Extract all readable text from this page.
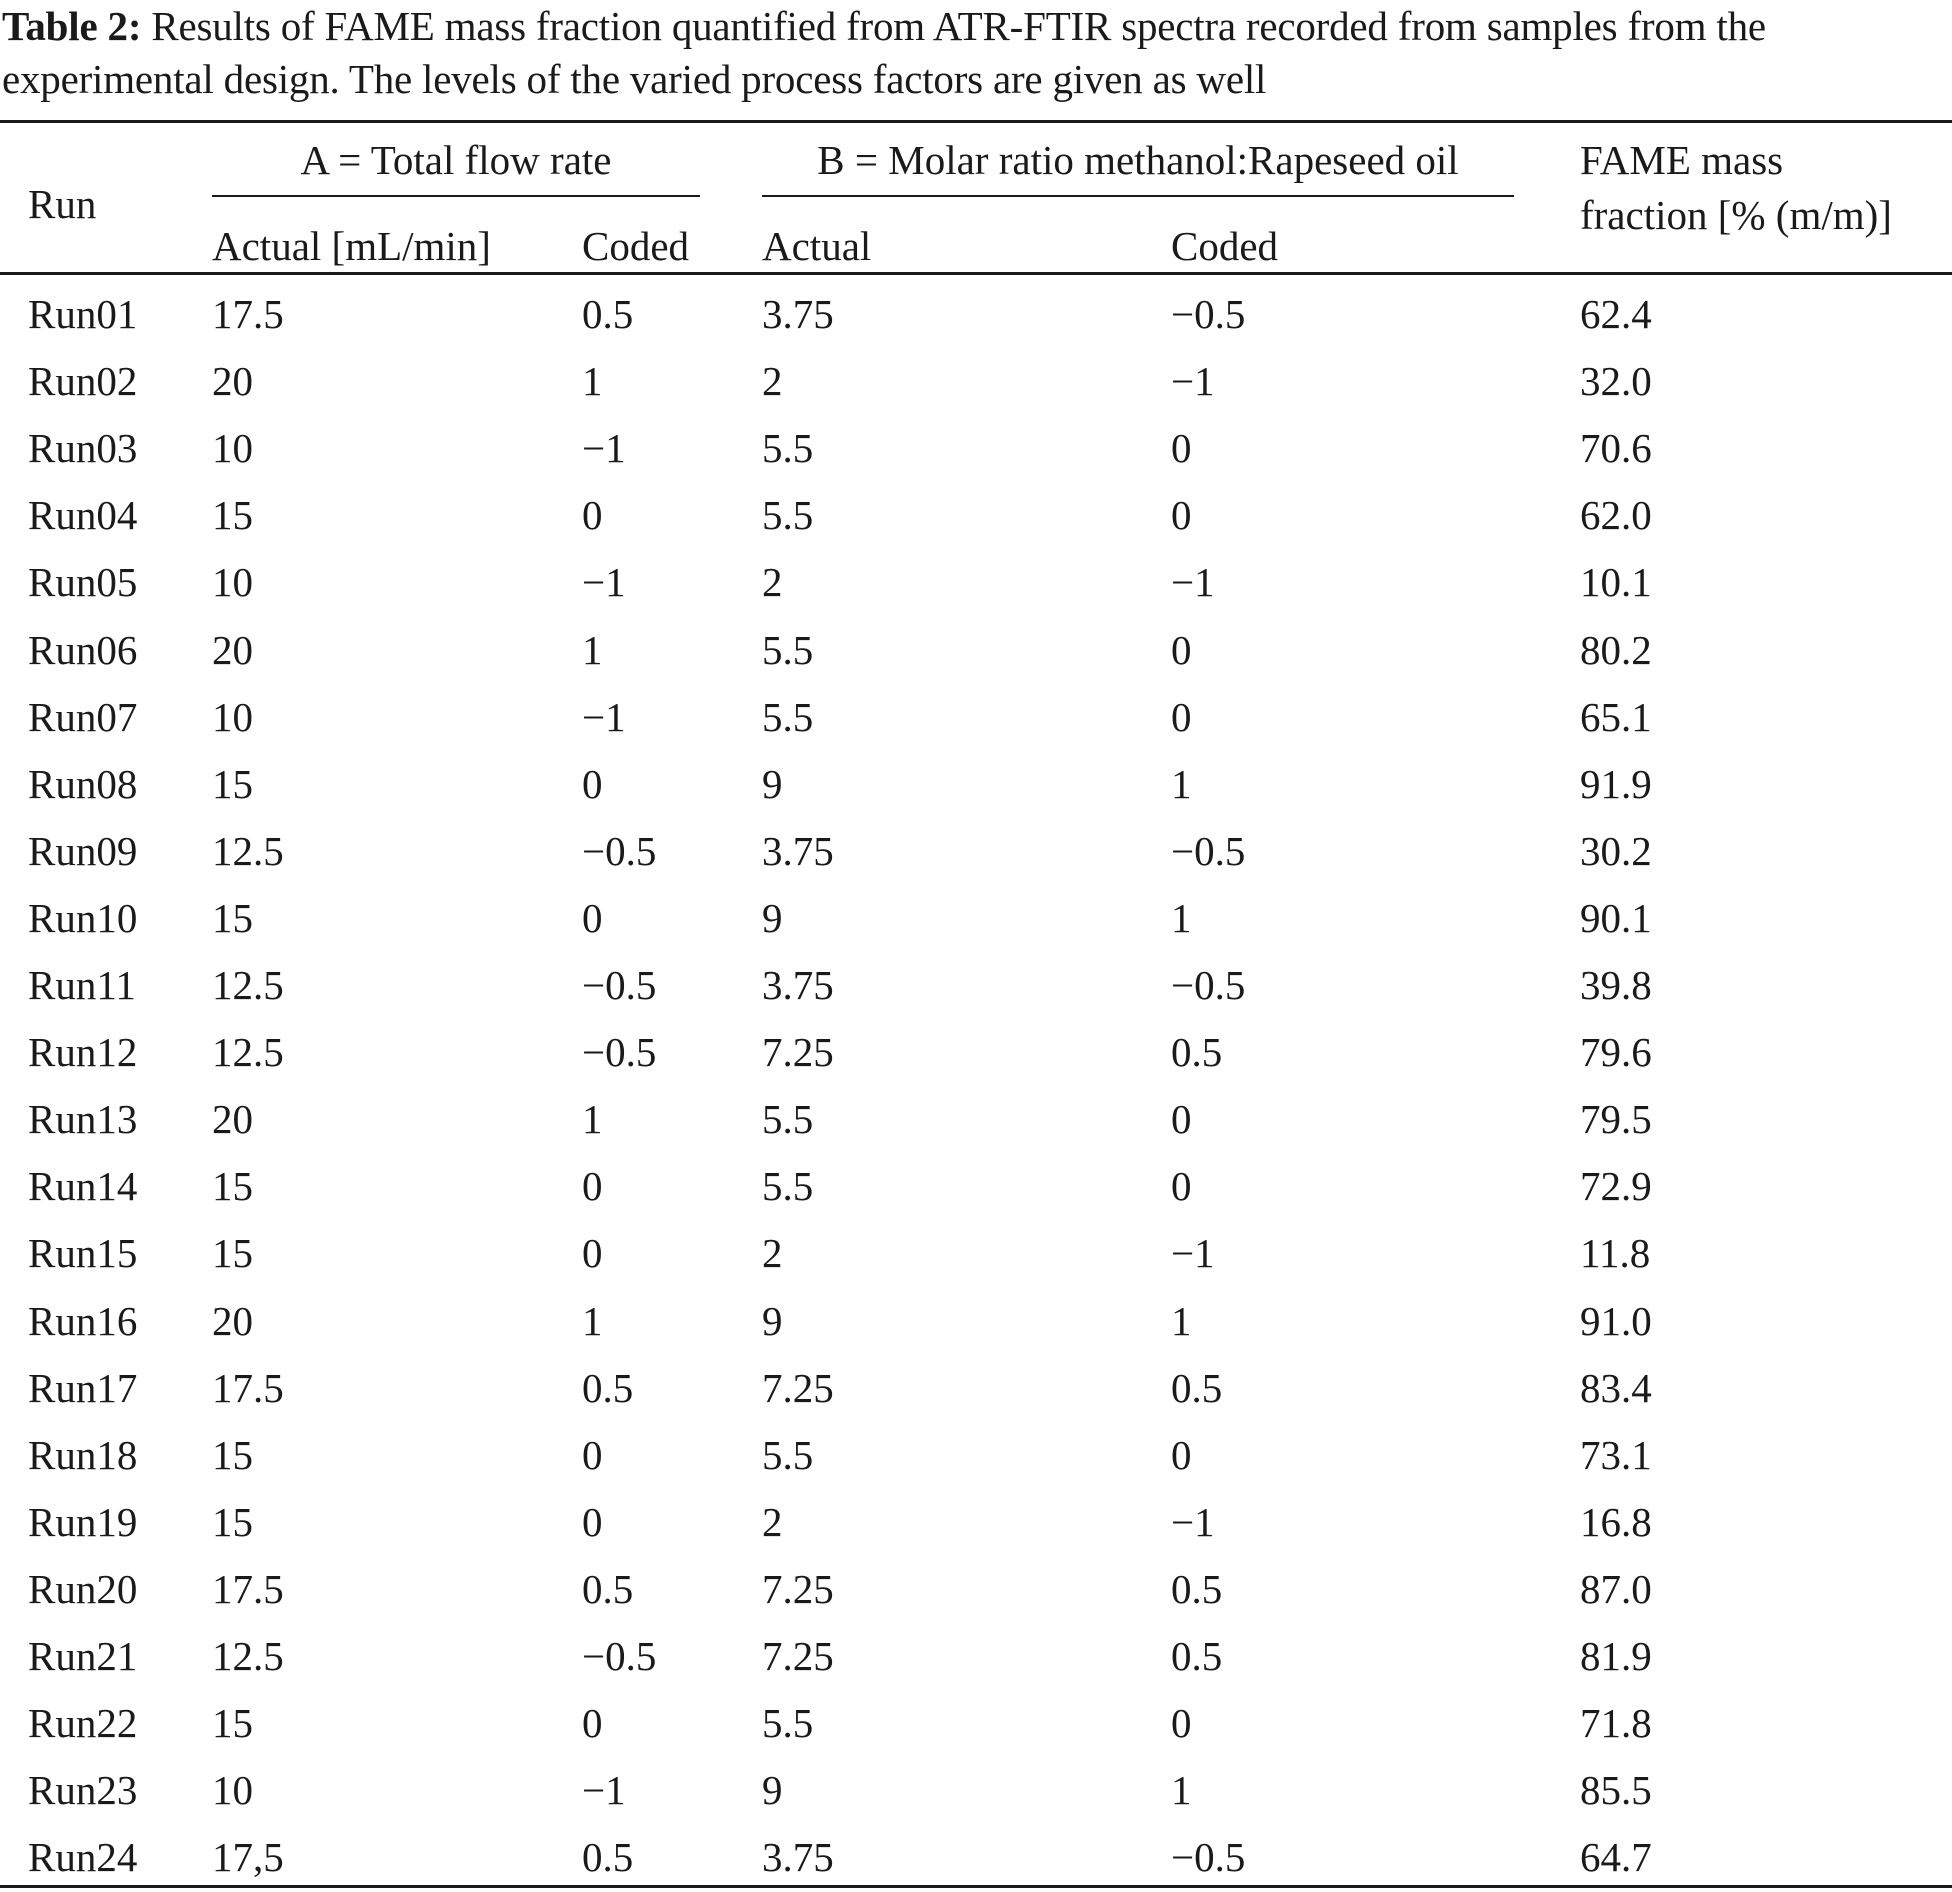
Table 2: Results of FAME mass fraction quantified from ATR-FTIR spectra recorded from samples from the
experimental design. The levels of the varied process factors are given as well
Run
A = Total flow rate	B = Molar ratio methanol:Rapeseed oil	FAME mass
fraction [% (m/m)]
Actual [mL/min] Coded Actual	Coded
Run01 17.5	0.5	3.75	−0.5	62.4
Run02 20	1	2	−1	32.0
Run03 10	−1	5.5	0	70.6
Run04 15	0	5.5	0	62.0
Run05 10	−1	2	−1	10.1
Run06 20	1	5.5	0	80.2
Run07 10	−1	5.5	0	65.1
Run08 15	0	9	1	91.9
Run09 12.5	−0.5	3.75	−0.5	30.2
Run10 15	0	9	1	90.1
Run11 12.5	−0.5	3.75	−0.5	39.8
Run12 12.5	−0.5	7.25	0.5	79.6
Run13 20	1	5.5	0	79.5
Run14 15	0	5.5	0	72.9
Run15 15	0	2	−1	11.8
Run16 20	1	9	1	91.0
Run17 17.5	0.5	7.25	0.5	83.4
Run18 15	0	5.5	0	73.1
Run19 15	0	2	−1	16.8
Run20 17.5	0.5	7.25	0.5	87.0
Run21 12.5	−0.5	7.25	0.5	81.9
Run22 15	0	5.5	0	71.8
Run23 10	−1	9	1	85.5
Run24 17,5	0.5	3.75	−0.5	64.7
